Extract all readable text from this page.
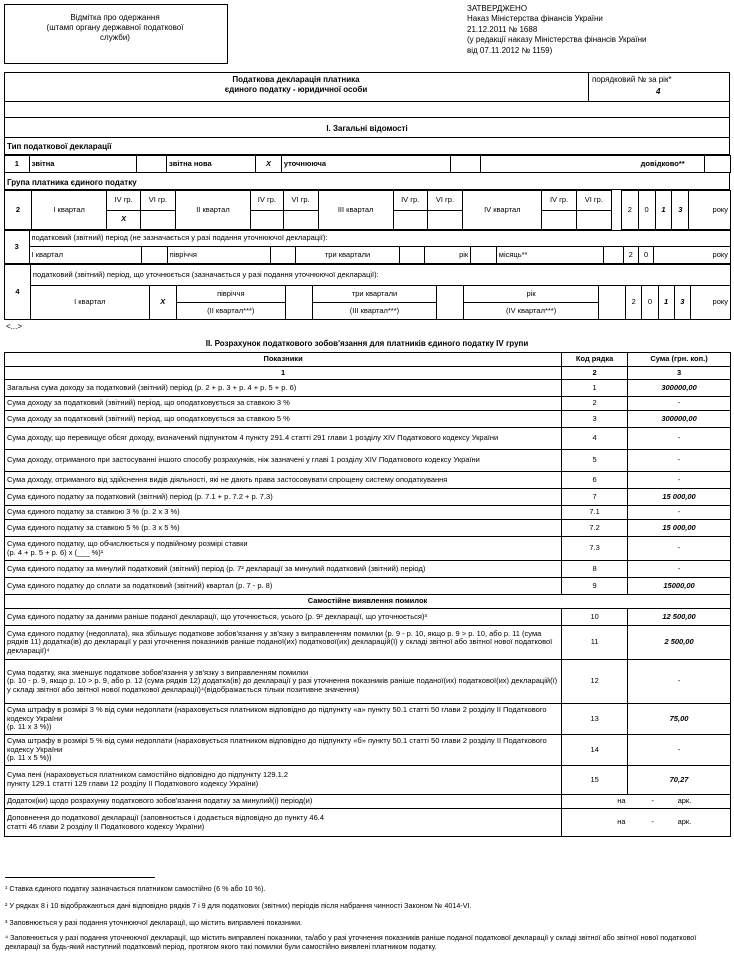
Відмітка про одержання
(штамп органу державної податкової
служби)
ЗАТВЕРДЖЕНО
Наказ Міністерства фінансів України
21.12.2011 № 1688
(у редакції наказу Міністерства фінансів України
від 07.11.2012 № 1159)
Податкова декларація платника
єдиного податку - юридичної особи
порядковий № за рік*
4
І. Загальні відомості
Тип податкової декларації
1	звітна		звітна нова	X	уточнююча			довідково**	
Група платника єдиного податку
2	І квартал	IV гр.	VI гр.	ІІ квартал	IV гр.	VI гр.	ІІІ квартал	IV гр.	VI гр.	IV квартал	IV гр.	VI гр.		2	0	1	3	року
		X																
3	податковий (звітний) період (не зазначається у разі подання уточнюючої декларації):												
	І квартал		півріччя		три квартали		рік		місяць**		2	0	року
4	податковий (звітний) період, що уточнюється (зазначається у разі подання уточнюючої декларації):												
	І квартал	X	півріччя		три квартали		рік		2	0	1	3	року
			(ІІ квартал***)		(ІІІ квартал***)		(IV квартал***)						
<...>
ІІ. Розрахунок податкового зобов'язання для платників єдиного податку IV групи
Показники	Код рядка	Сума (грн. коп.)
1	2	3
Загальна сума доходу за податковий (звітний) період (р. 2 + р. 3 + р. 4 + р. 5 + р. 6)	1	300000,00
Сума доходу за податковий (звітний) період, що оподатковується за ставкою 3 %	2	-
Сума доходу за податковий (звітний) період, що оподатковується за ставкою 5 %	3	300000,00
Сума доходу, що перевищує обсяг доходу, визначений підпунктом 4 пункту 291.4 статті 291 глави 1 розділу XIV Податкового кодексу України	4	-
Сума доходу, отриманого при застосуванні іншого способу розрахунків, ніж зазначені у главі 1 розділу XIV Податкового кодексу України	5	-
Сума доходу, отриманого від здійснення видів діяльності, які не дають права застосовувати спрощену систему оподаткування	6	-
Сума єдиного податку за податковий (звітний) період (р. 7.1 + р. 7.2 + р. 7.3)	7	15 000,00
Сума єдиного податку за ставкою 3 % (р. 2 х 3 %)	7.1	-
Сума єдиного податку за ставкою 5 % (р. 3 х 5 %)	7.2	15 000,00
Сума єдиного податку, що обчислюється у подвійному розмірі ставки
(р. 4 + р. 5 + р. 6) х (___ %)¹	7.3	-
Сума єдиного податку за минулий податковий (звітний) період (р. 7² декларації за минулий податковий (звітний) період)	8	-
Сума єдиного податку до сплати за податковий (звітний) квартал (р. 7 - р. 8)	9	15000,00
Самостійне виявлення помилок		
Сума єдиного податку за даними раніше поданої декларації, що уточнюється, усього (р. 9² декларації, що уточнюється)³	10	12 500,00
Сума єдиного податку (недоплата), яка збільшує податкове зобов'язання у зв'язку з виправленням помилки (р. 9 - р. 10, якщо р. 9 > р. 10, або р. 11 (сума рядків 11) додатка(ів) до декларації у разі уточнення показників раніше поданої(их) податкової(их) декларацій(ї) у складі звітної або звітної нової податкової декларації)⁴	11	2 500,00
Сума податку, яка зменшує податкове зобов'язання у зв'язку з виправленням помилки
(р. 10 - р. 9, якщо р. 10 > р. 9, або р. 12 (сума рядків 12) додатка(ів) до декларації у разі уточнення показників раніше поданої(их) податкової(их) декларацій(ї) у складі звітної або звітної нової податкової декларації)⁴(відображається тільки позитивне значення)	12	-
Сума штрафу в розмірі 3 % від суми недоплати (нараховується платником відповідно до підпункту «а» пункту 50.1 статті 50 глави 2 розділу ІІ Податкового кодексу України
(р. 11 х 3 %))	13	75,00
Сума штрафу в розмірі 5 % від суми недоплати (нараховується платником відповідно до підпункту «б» пункту 50.1 статті 50 глави 2 розділу ІІ Податкового кодексу України
(р. 11 х 5 %))	14	-
Сума пені (нараховується платником самостійно відповідно до підпункту 129.1.2
пункту 129.1 статті 129 глави 12 розділу ІІ Податкового кодексу України)	15	70,27
Додаток(ки) щодо розрахунку податкового зобов'язання податку за минулий(і) період(и)	на	- арк.
Доповнення до податкової декларації (заповнюється і додається відповідно до пункту 46.4
статті 46 глави 2 розділу ІІ Податкового кодексу України)	на	- арк.
¹ Ставка єдиного податку зазначається платником самостійно (6 % або 10 %).
² У рядках 8 і 10 відображаються дані відповідно рядків 7 і 9 для податкових (звітних) періодів після набрання чинності Законом № 4014-VI.
³ Заповнюється у разі подання уточнюючої декларації, що містить виправлені показники.
⁴ Заповнюється у разі подання уточнюючої декларації, що містить виправлені показники, та/або у разі уточнення показників раніше поданої податкової декларації у складі звітної або звітної нової податкової декларації за будь-який наступний податковий період, протягом якого такі помилки були самостійно виявлені платником податку.
